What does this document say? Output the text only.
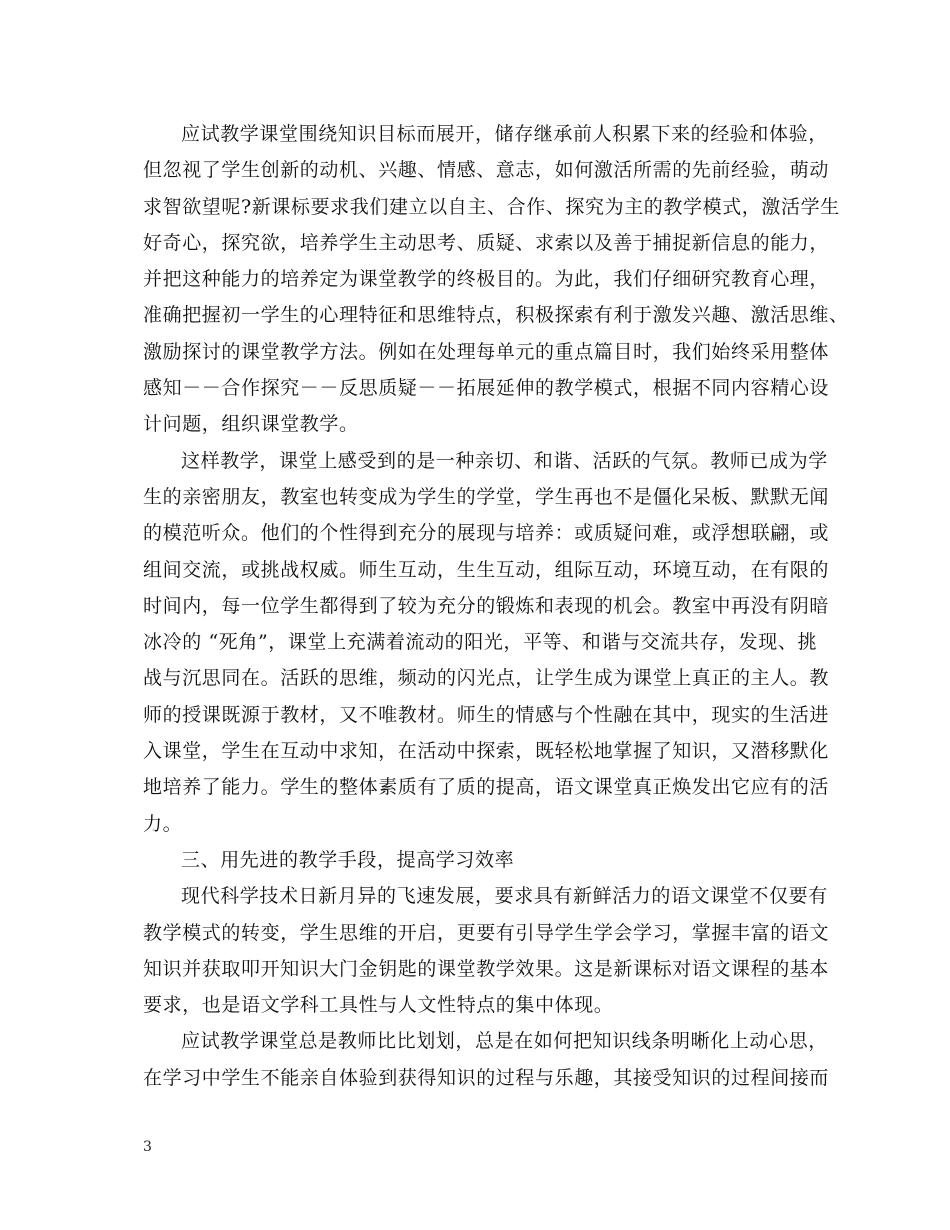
应试教学课堂围绕知识目标而展开，储存继承前人积累下来的经验和体验，
但忽视了学生创新的动机、兴趣、情感、意志，如何激活所需的先前经验，萌动
求智欲望呢?新课标要求我们建立以自主、合作、探究为主的教学模式，激活学生
好奇心，探究欲，培养学生主动思考、质疑、求索以及善于捕捉新信息的能力，
并把这种能力的培养定为课堂教学的终极目的。为此，我们仔细研究教育心理，
准确把握初一学生的心理特征和思维特点，积极探索有利于激发兴趣、激活思维、
激励探讨的课堂教学方法。例如在处理每单元的重点篇目时，我们始终采用整体
感知－－合作探究－－反思质疑－－拓展延伸的教学模式，根据不同内容精心设
计问题，组织课堂教学。
这样教学，课堂上感受到的是一种亲切、和谐、活跃的气氛。教师已成为学
生的亲密朋友，教室也转变成为学生的学堂，学生再也不是僵化呆板、默默无闻
的模范听众。他们的个性得到充分的展现与培养：或质疑问难，或浮想联翩，或
组间交流，或挑战权威。师生互动，生生互动，组际互动，环境互动，在有限的
时间内，每一位学生都得到了较为充分的锻炼和表现的机会。教室中再没有阴暗
冰冷的 “死角”，课堂上充满着流动的阳光，平等、和谐与交流共存，发现、挑
战与沉思同在。活跃的思维，频动的闪光点，让学生成为课堂上真正的主人。教
师的授课既源于教材，又不唯教材。师生的情感与个性融在其中，现实的生活进
入课堂，学生在互动中求知，在活动中探索，既轻松地掌握了知识，又潜移默化
地培养了能力。学生的整体素质有了质的提高，语文课堂真正焕发出它应有的活
力。
三、用先进的教学手段，提高学习效率
现代科学技术日新月异的飞速发展，要求具有新鲜活力的语文课堂不仅要有
教学模式的转变，学生思维的开启，更要有引导学生学会学习，掌握丰富的语文
知识并获取叩开知识大门金钥匙的课堂教学效果。这是新课标对语文课程的基本
要求，也是语文学科工具性与人文性特点的集中体现。
应试教学课堂总是教师比比划划，总是在如何把知识线条明晰化上动心思，
在学习中学生不能亲自体验到获得知识的过程与乐趣，其接受知识的过程间接而
3
